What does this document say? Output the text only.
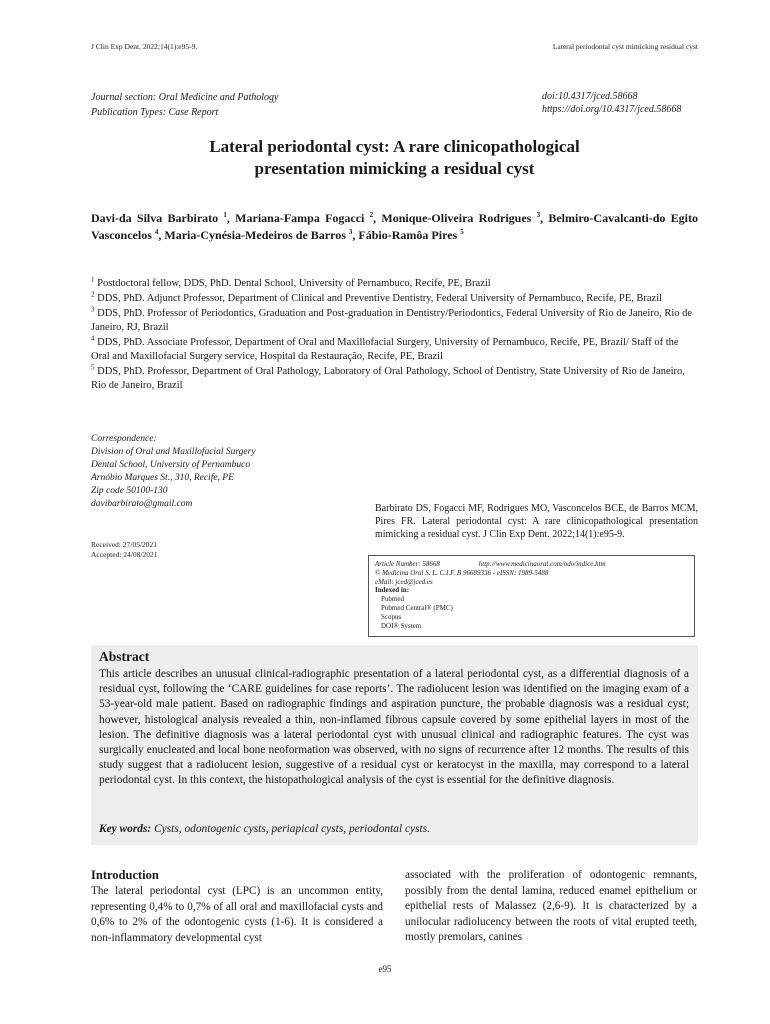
J Clin Exp Dent. 2022;14(1):e95-9.	Lateral periodontal cyst mimicking residual cyst
Journal section: Oral Medicine and Pathology
Publication Types: Case Report
doi:10.4317/jced.58668
https://doi.org/10.4317/jced.58668
Lateral periodontal cyst: A rare clinicopathological
presentation mimicking a residual cyst
Davi-da Silva Barbirato $^1$, Mariana-Fampa Fogacci $^2$, Monique-Oliveira Rodrigues $^3$, Belmiro-Cavalcanti-do Egito Vasconcelos $^4$, Maria-Cynésia-Medeiros de Barros $^3$, Fábio-Ramôa Pires $^5$

$^1$ Postdoctoral fellow, DDS, PhD. Dental School, University of Pernambuco, Recife, PE, Brazil

$^2$ DDS, PhD. Adjunct Professor, Department of Clinical and Preventive Dentistry, Federal University of Pernambuco, Recife, PE, Brazil

$^3$ DDS, PhD. Professor of Periodontics, Graduation and Post-graduation in Dentistry/Periodontics, Federal University of Rio de Janeiro, Rio de Janeiro, RJ, Brazil

$^4$ DDS, PhD. Associate Professor, Department of Oral and Maxillofacial Surgery, University of Pernambuco, Recife, PE, Brazil/ Staff of the Oral and Maxillofacial Surgery service, Hospital da Restauração, Recife, PE, Brazil

$^5$ DDS, PhD. Professor, Department of Oral Pathology, Laboratory of Oral Pathology, School of Dentistry, State University of Rio de Janeiro, Rio de Janeiro, Brazil

Correspondence:
Division of Oral and Maxillofacial Surgery
Dental School, University of Pernambuco
Arnóbio Marques St., 310, Recife, PE
Zip code 50100-130
davibarbirato@gmail.com
Received: 27/05/2021
Accepted: 24/08/2021
Barbirato DS, Fogacci MF, Rodrigues MO, Vasconcelos BCE, de Barros MCM, Pires FR. Lateral periodontal cyst: A rare clinicopathological presentation mimicking a residual cyst. J Clin Exp Dent. 2022;14(1):e95-9.
Article Number: 58668	http://www.medicinaoral.com/odo/indice.htm
© Medicina Oral S. L. C.I.F. B 96689336 - eISSN: 1989-5488
eMail: jced@jced.es
Indexed in:
Pubmed
Pubmed Central® (PMC)
Scopus
DOI® System
Abstract
This article describes an unusual clinical-radiographic presentation of a lateral periodontal cyst, as a differential diagnosis of a residual cyst, following the ‘CARE guidelines for case reports’. The radiolucent lesion was identified on the imaging exam of a 53-year-old male patient. Based on radiographic findings and aspiration puncture, the probable diagnosis was a residual cyst; however, histological analysis revealed a thin, non-inflamed fibrous capsule covered by some epithelial layers in most of the lesion. The definitive diagnosis was a lateral periodontal cyst with unusual clinical and radiographic features. The cyst was surgically enucleated and local bone neoformation was observed, with no signs of recurrence after 12 months. The results of this study suggest that a radiolucent lesion, suggestive of a residual cyst or keratocyst in the maxilla, may correspond to a lateral periodontal cyst. In this context, the histopathological analysis of the cyst is essential for the definitive diagnosis.
Key words: Cysts, odontogenic cysts, periapical cysts, periodontal cysts.
Introduction
The lateral periodontal cyst (LPC) is an uncommon entity, representing 0,4% to 0,7% of all oral and maxillofacial cysts and 0,6% to 2% of the odontogenic cysts (1-6). It is considered a non-inflammatory developmental cyst
associated with the proliferation of odontogenic remnants, possibly from the dental lamina, reduced enamel epithelium or epithelial rests of Malassez (2,6-9). It is characterized by a unilocular radiolucency between the roots of vital erupted teeth, mostly premolars, canines
e95
